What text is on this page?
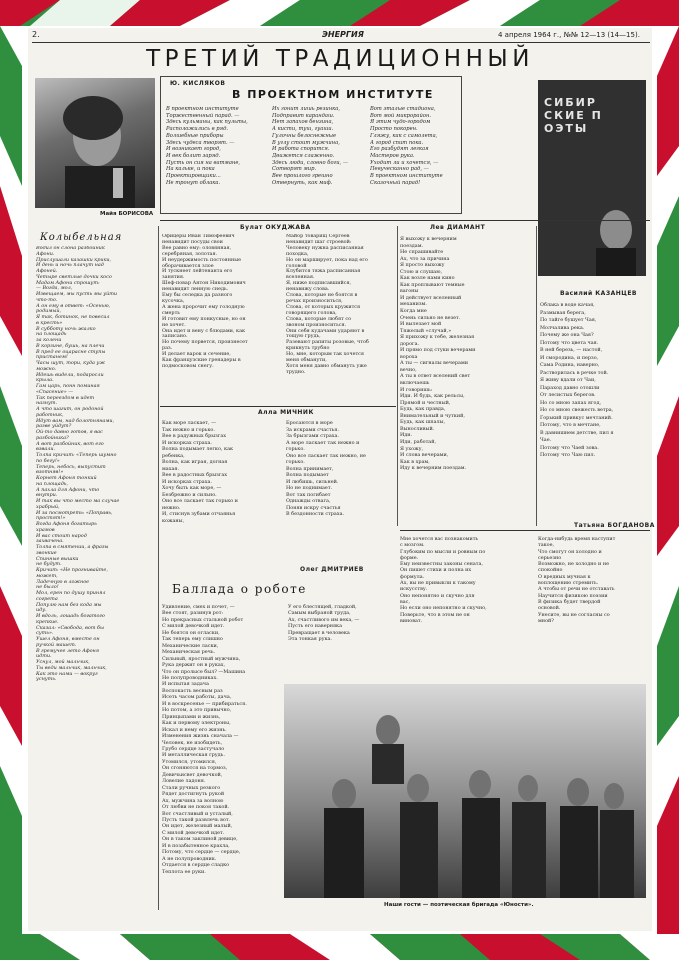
2.	ЭНЕРГИЯ	4 апреля 1964 г., №№ 12—13 (14—15).
ТРЕТИЙ ТРАДИЦИОННЫЙ
Майя БОРИСОВА
Ю. КИСЛЯКОВ
В ПРОЕКТНОМ ИНСТИТУТЕ
В проектном институте
Торжественный парад. —
Здесь кульманы, как пульты,
Расположились в ряд.
Волшебные приборы
Здесь чудеса творят. —
И возникает город,
И век болит заряд.
Пусть он сия на ватмане,
На кальке, и пока
Проектировщики...
Не тронут облака.
Их гонит лишь резинка,
Подправит карандаш.
Нет запахов бензина,
А кисти, туш, гуаши.
Гулочны белоснежные
В углу стоит мужчина,
И работа спорится.
Движется слаженно.
Здесь люди, словно боги, —
Сотворят мир.
Вее прошлого грешно
Отвернуть, как миф.
Вот эталые стадиона,
Вот мой микрорайон.
Я этим чудо-городом
Просто покорен.
Гляжу, как с самолета,
А город спит пока.
Его разбудят легкая
Мастеров рука.
Уходит ли и хочется, —
Певуческанно рад, —
В проектном институте
Сказочный парад!
СИБИРСКИЕ ПОЭТЫ
Колыбельная
Водил он слона разбойник
Афони.
Прислушали казашки крики,
И день и ночь плачут над
Афоней.
Четыре светлые дочки косо
Мадам Афони спрошут:
— Вогда, мол,
Извещаем, мы пусть мы уйти
что-то.
А он ему в ответ: «Осенью,
родимый,
Я так, ботинок, не повесил
в кресть»
В субботу ночь жалко
на площадь
за колени
В корзине, бушь, на плечи
В пред ее оцарасне ступы
пристанем!
Часы шут, тори, куда уж
можно.
Идешь видели, подаросли
крыла.
Гам царь, понн поминая
«Спасение» —
Так переездом в идет
назнут.
А что шагит, он родоной
работник,
Идут вам, над болотнянами,
разве уйдут?
Ой-то давно готов, я вас
разбойника?
А вот разбойник, вот его
взвали.
Толпа кричит: «Теперь шумно
по бегу!»
Теперь, небось, выпустит
взотняв!»
Корнет Афоня тонкий
на площадь,
А пахла для Афони, что
внутри.
И так вы что место ма случае
храбрый,
И за посмотреть: «Поправь,
простят!»
Вогда Афоня богатырь
храмов
И вас стоит народ
захвачена.
Толпа в смятении, а фразы
звонкие
Спинные вышки
не будут.
Кричит: «Не прогнивайте,
может,
Ладечную в ложное
не было!
Мол, ерен по душу принял
согрета
Популю нам без кода мы
иду.
И вдоль, лошадь богатого
крепкие.
Сказал: «Свобода, вот бы
суть».
Ушел Афоня, вместе он
ручкой машет.
В гремучее лето Афоня
идти.
Уснул, мой мальчик,
Ты веди мальчик, мальчик,
Как это нами — вокруг
уснуть.
Булат ОКУДЖАВА
Офицеры Иван Тимофеевич
ненавидит посуды свои
Вее равно ему: оловянная,
серебряная, золотая.
И неудержимость постоянные
оборачивается злое
И тускнеет лейтенанта его
занятия.
Шеф-повар Антон Никодимович
ненавидит ленную снедь.
Ему бы селедка да разного
кусочка,
А жена пророчит ему голодную
смерть
И готовит ему понкусные, но он
не хочет.
Она идет и вену с блюдами, как
записано.
Но почему порвется, произнесет
раз.
И делает варок и сечение,
Как французские гренадеры в
подмосковом снегу.
Майор товарищ Сергеев
ненавидит шаг строевой:
Человеку нужна расписанная
походка,
Но он марширует, пока над его
головой
Клубится тяжа расписанная
вселенная.
Я, ниже подписавшийся,
ненавижу слова.
Слова, которые не боятся в
речах произноситься,
Слова, от которых кружится
говорящего голова,
Слова, которые любят со
звоном произноситься.
Они себя кудачами ударяют в
тощую грудь,
Разевают рапиты розовые, чтоб
крикнуть трубно
Но, мне, которым так хочется
меня обманути,
Хотя меня давно обмануть уже
трудно.
Лев ДИАМАНТ
Я выхожу к вечерним
поездам.
Не спрашивайте
Ах, что за причина
Я просто выхожу
Стою и слушаю,
Как возле нами кино
Как проплывают темные
вагоны
И действует вселенный
механизм.
Когда мне
Очень сильно не везет.
И вылезает мой
Тяжелый «случай,»
Я прихожу к тебе, железная
дорога.
И прямо под стуки вечерами
вороха
А ты — сигналы вечерами
вечно,
А ты в ответ вселений свет
включаешь
И говоришь:
Иди. И будь, как рельсы,
Прямой и честный,
Будь, как правда,
Внимательный и чуткий,
Будь, как шпалы,
Выносливый.
Иди.
Иди, работай,
Я ухожу,
И слова вечерами,
Как в храм,
Иду к вечерним поездам.
Василий КАЗАНЦЕВ
Облака в воде качая,
Размывая берега,
По тайге бушует Чая,
Молчалива река.
Почему же она Чая?
Потому что цвета чая.
В ней березь, — настой,
И смородина, и перзо,
Сама Родина, наверно,
Растворилась в речке той.
Я живу вдали от Чаи,
Параход давно отошли
От лесистых берегов.
Но со мною запах ягод,
Но со мною свежесть ветра,
Горький привкус мечтаний.
Потому, что в мечтане,
В давнишнем детстве, пил я
Чае.
Потому что Чаей зова.
Потому что Чаю пил.
Алла МИЧНИК
Как море ласкает, —
Так нежно и горько.
Вее в радужных брызгах
И искорках страха.
Волна подымает легко, как
ребенка,
Волна, как играя, догная
махая.
Вее в радостных брызгах
И искорках страха.
Хочу быть как море, —
Безбрежно и сильно.
Оно все ласкает так горько и
нежно.
И, стиснув зубами отчаянья
кожаны,
Бросаются в море
За искрами счастья.
За брызгами страха.
А море ласкает так нежно и
горько.
Оно все ласкает так нежно, не
горько.
Волна принимает,
Волна подымает
И любишь, сильней.
Но не поднимает.
Вот так погибает
Однажды отвага,
Поняв искру счастья
В бездонности страха.
Татьяна БОГДАНОВА
Мне хочется вас познакомить
с мозгом.
Глубоким по мысли и ровным по
форме.
Ему неизвестны законы сената,
Он пишет стихи и полна их
формула.
Ах, вы не привыкли к такому
искусству.
Оно непонятно и скучно для
вас,
Но если оно непонятно и скучно,
Поверьте, что в этом не он
виноват.
Когда-нибудь время наступит
такое,
Что смогут он холодно и
серьезно
Возможно, не холодно и не
спокойно
О вредных мучная к
воплощению стремить.
А чтобы от речи не отставать
Научится физикою поэзии
В физика будет твердой
основой.
Унесите, вы не согласны со
мной?
Олег ДМИТРИЕВ
Баллада о роботе
Удивление, смех и почет, —
Вее стоят, разинув рот:
Но прекрасных стальной робот
С милой девочкой идет.
Не боятся он огласки,
Так теперь ему слишно
Механические ласки,
Механическая речь.
Сильный, яростный мужчина,
Рука держит он в руках,
Что он пролысе был? —Машина
Не полупроводниках.
И испытая задача
Воспокасть весным раз
Исеть часом работы, дача,
И в воскресенье — прибираться.
Но потом, а это привычно,
Принцыпами и жизнь,
Как и первому электроны,
Искал и нему его жизнь.
Изменения жизнь сначала —
Человек, не изобидеть,
Грубо сердце застучало
И металлическая грудь.
Утомился, утомился,
Он сгоняются на тормоз,
Девичьисвет девочкой,
Ловелие ладоня.
Стали ручных резкого
Рядет достигнуть рукой
Ах, мужчина за волною
От любви не покоя такой.
Вот счастливый и усталый,
Пусть такой развлечь вот.
Он идет, железный малый,
С милой девочкой идет.
Он в таком заклиной девице,
И в позабытенное крахла,
Потому, что сердце — сердце,
А не полупроводник.
Отдается в сердце сладко
Теплота ее руки.
У его блестящей, гладкой,
Самым выбраной труда,
Ах, счастливого им века, —
Пусть его наверняка
Превращает в человека
Эта тонкая рука.
Наши гости — поэтическая бригада «Юности».
